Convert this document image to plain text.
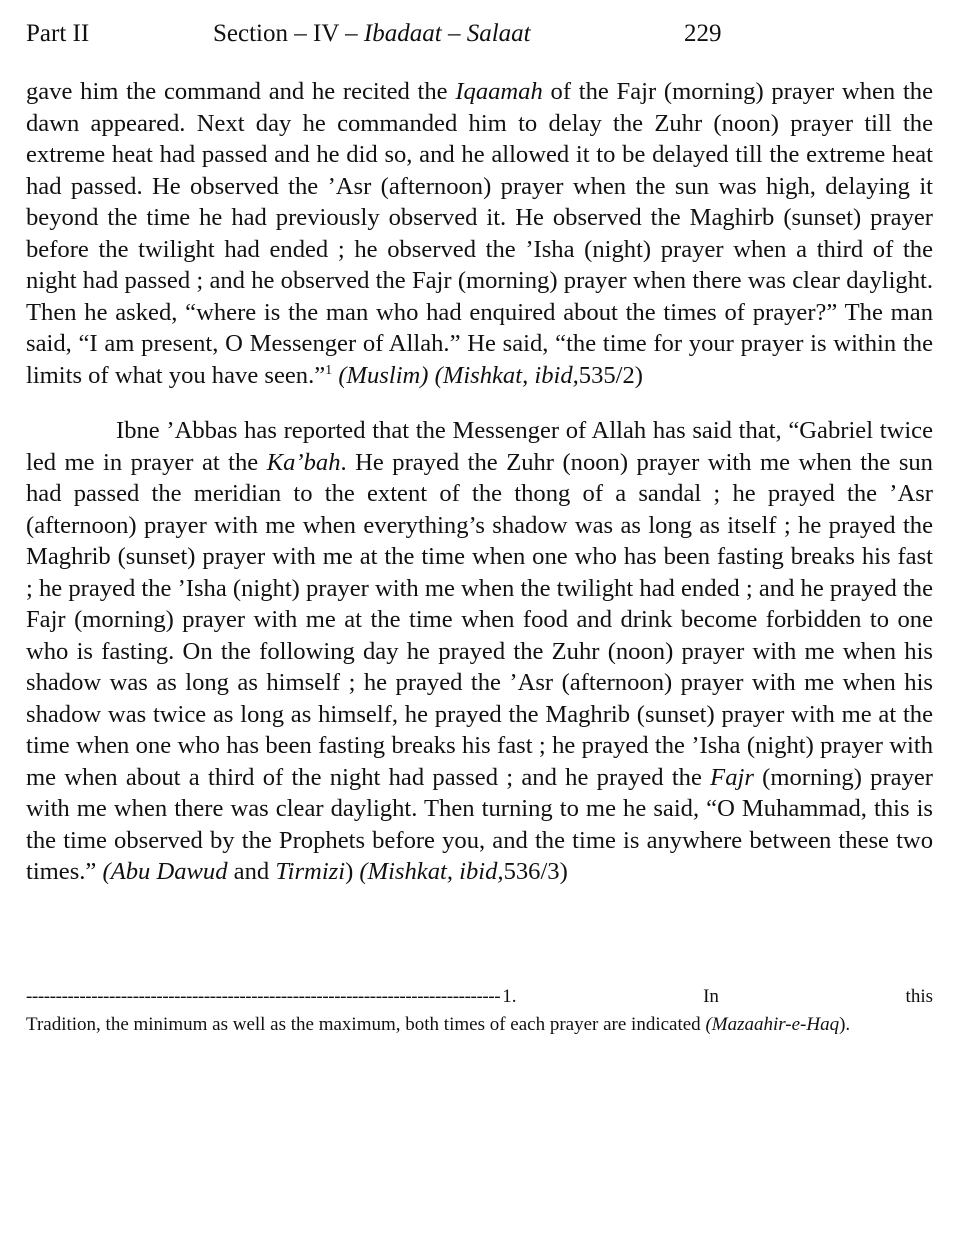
Part II	Section – IV – Ibadaat – Salaat	229

gave him the command and he recited the Iqaamah of the Fajr (morning) prayer when the dawn appeared. Next day he commanded him to delay the Zuhr (noon) prayer till the extreme heat had passed and he did so, and he allowed it to be delayed till the extreme heat had passed. He observed the ’Asr (afternoon) prayer when the sun was high, delaying it beyond the time he had previously observed it. He observed the Maghirb (sunset) prayer before the twilight had ended ; he observed the ’Isha (night) prayer when a third of the night had passed ; and he observed the Fajr (morning) prayer when there was clear daylight. Then he asked, “where is the man who had enquired about the times of prayer?” The man said, “I am present, O Messenger of Allah.” He said, “the time for your prayer is within the limits of what you have seen.”$^1$ (Muslim) (Mishkat, ibid,535/2)

Ibne ’Abbas has reported that the Messenger of Allah has said that, “Gabriel twice led me in prayer at the Ka’bah. He prayed the Zuhr (noon) prayer with me when the sun had passed the meridian to the extent of the thong of a sandal ; he prayed the ’Asr (afternoon) prayer with me when everything’s shadow was as long as itself ; he prayed the Maghrib (sunset) prayer with me at the time when one who has been fasting breaks his fast ; he prayed the ’Isha (night) prayer with me when the twilight had ended ; and he prayed the Fajr (morning) prayer with me at the time when food and drink become forbidden to one who is fasting. On the following day he prayed the Zuhr (noon) prayer with me when his shadow was as long as himself ; he prayed the ’Asr (afternoon) prayer with me when his shadow was twice as long as himself, he prayed the Maghrib (sunset) prayer with me at the time when one who has been fasting breaks his fast ; he prayed the ’Isha (night) prayer with me when about a third of the night had passed ; and he prayed the Fajr (morning) prayer with me when there was clear daylight. Then turning to me he said, “O Muhammad, this is the time observed by the Prophets before you, and the time is anywhere between these two times.” (Abu Dawud and Tirmizi) (Mishkat, ibid,536/3)

-------------------------------------------------------------------------------- 1.	In	this
Tradition, the minimum as well as the maximum, both times of each prayer are indicated (Mazaahir-e-Haq).
